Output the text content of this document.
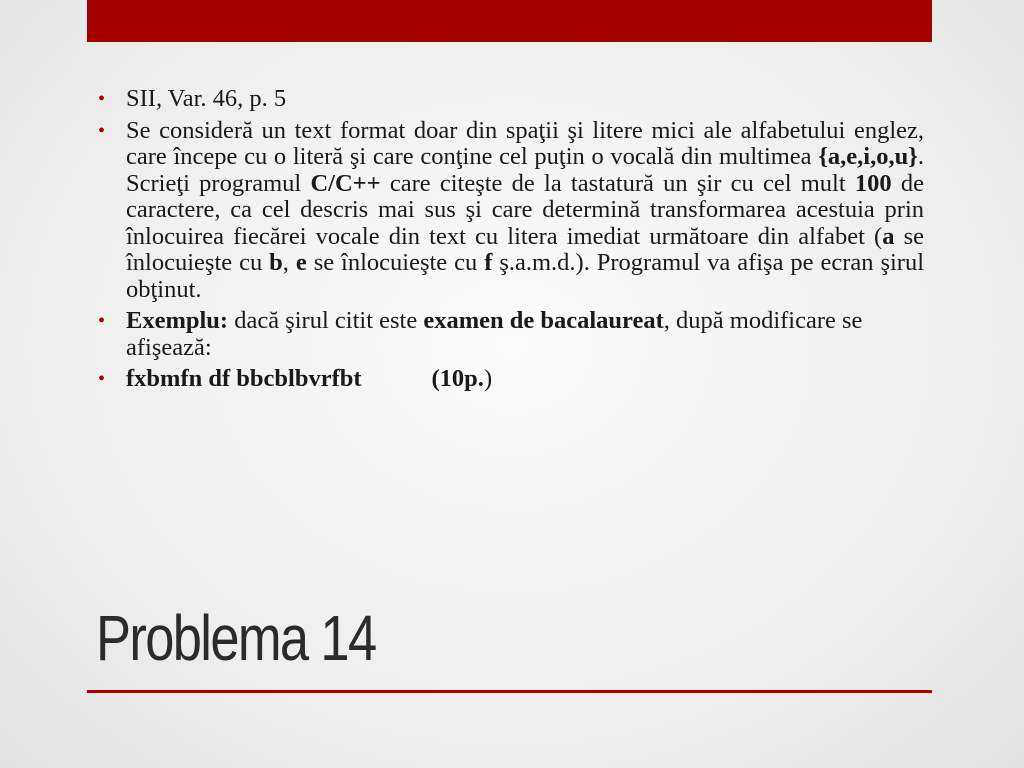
• SII, Var. 46, p. 5
• Se consideră un text format doar din spaţii şi litere mici ale alfabetului englez, care începe cu o literă şi care conţine cel puţin o vocală din multimea {a,e,i,o,u}. Scrieţi programul C/C++ care citeşte de la tastatură un şir cu cel mult 100 de caractere, ca cel descris mai sus şi care determină transformarea acestuia prin înlocuirea fiecărei vocale din text cu litera imediat următoare din alfabet (a se înlocuieşte cu b, e se înlocuieşte cu f ş.a.m.d.). Programul va afişa pe ecran şirul obţinut.
• Exemplu: dacă şirul citit este examen de bacalaureat, după modificare se afişează:
• fxbmfn df bbcblbvrfbt	(10p.)
Problema 14
